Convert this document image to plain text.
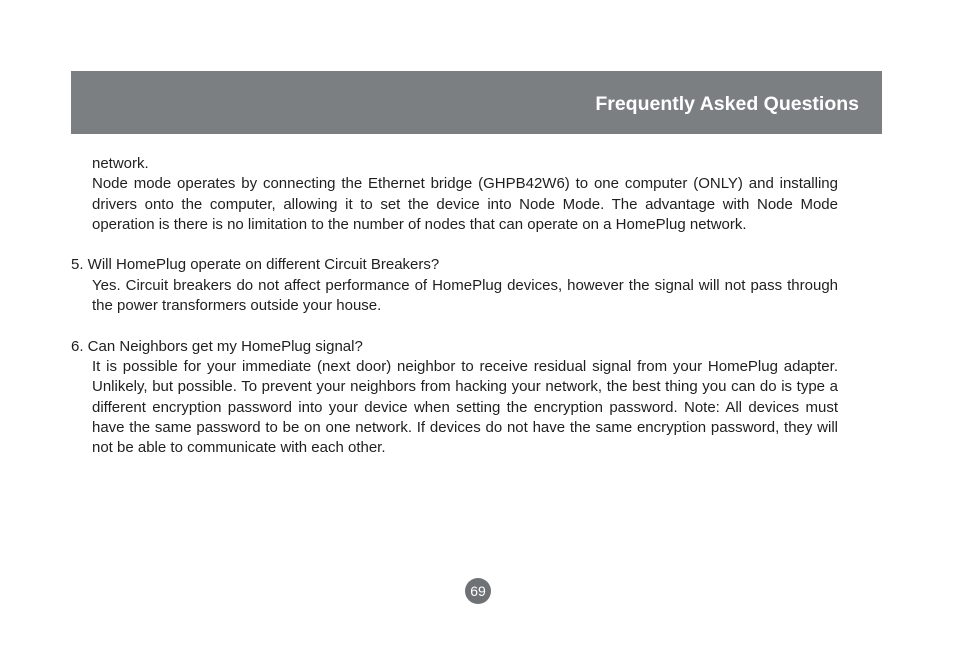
Frequently Asked Questions

network.

Node mode operates by connecting the Ethernet bridge (GHPB42W6) to one computer (ONLY) and installing drivers onto the computer, allowing it to set the device into Node Mode. The advantage with Node Mode operation is there is no limitation to the number of nodes that can operate on a HomePlug network.

5. Will HomePlug operate on different Circuit Breakers?

Yes. Circuit breakers do not affect performance of HomePlug devices, however the signal will not pass through the power transformers outside your house.

6. Can Neighbors get my HomePlug signal?

It is possible for your immediate (next door) neighbor to receive residual signal from your HomePlug adapter. Unlikely, but possible. To prevent your neighbors from hacking your network, the best thing you can do is type a different encryption password into your device when setting the encryption password. Note: All devices must have the same password to be on one network. If devices do not have the same encryption password, they will not be able to communicate with each other.

69
